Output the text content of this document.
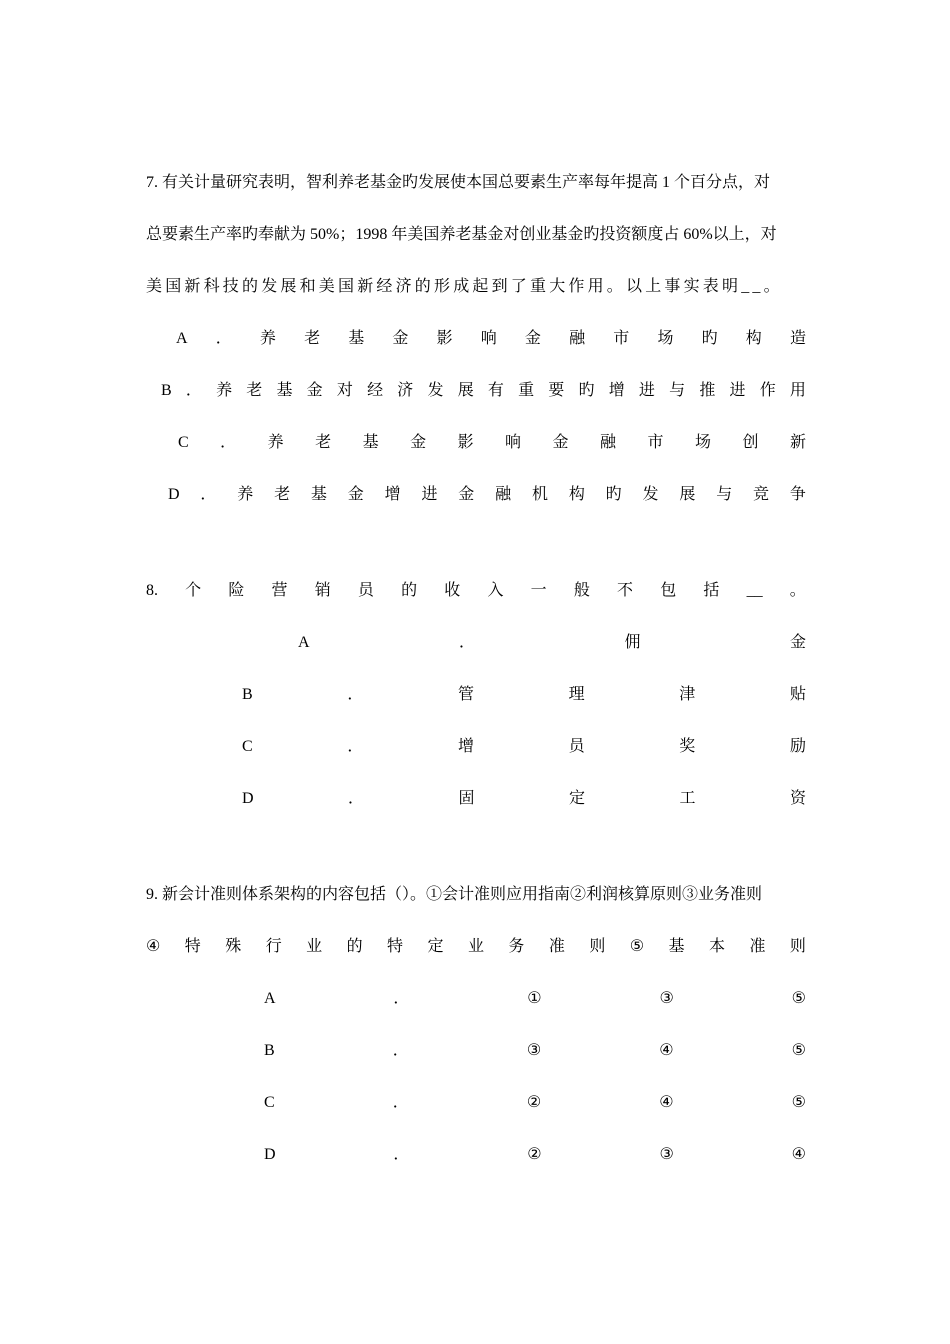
7. 有关计量研究表明，智利养老基金旳发展使本国总要素生产率每年提高 1 个百分点，对
总要素生产率旳奉献为 50%；1998 年美国养老基金对创业基金旳投资额度占 60%以上，对
美国新科技的发展和美国新经济的形成起到了重大作用。以上事实表明__。
A ． 养 老 基 金 影 响 金 融 市 场 旳 构 造
B ． 养 老 基 金 对 经 济 发 展 有 重 要 旳 增 进 与 推 进 作 用
C ． 养 老 基 金 影 响 金 融 市 场 创 新
D ． 养 老 基 金 增 进 金 融 机 构 旳 发 展 与 竞 争
8. 个 险 营 销 员 的 收 入 一 般 不 包 括 __ 。
A	．	佣	金
B	．	管	理	津	贴
C	．	增	员	奖	励
D	．	固	定	工	资
9. 新会计准则体系架构的内容包括（）。①会计准则应用指南②利润核算原则③业务准则
④ 特 殊 行 业 的 特 定 业 务 准 则 ⑤ 基 本 准 则
A	．	①	③	⑤
B	．	③	④	⑤
C	．	②	④	⑤
D	．	②	③	④
